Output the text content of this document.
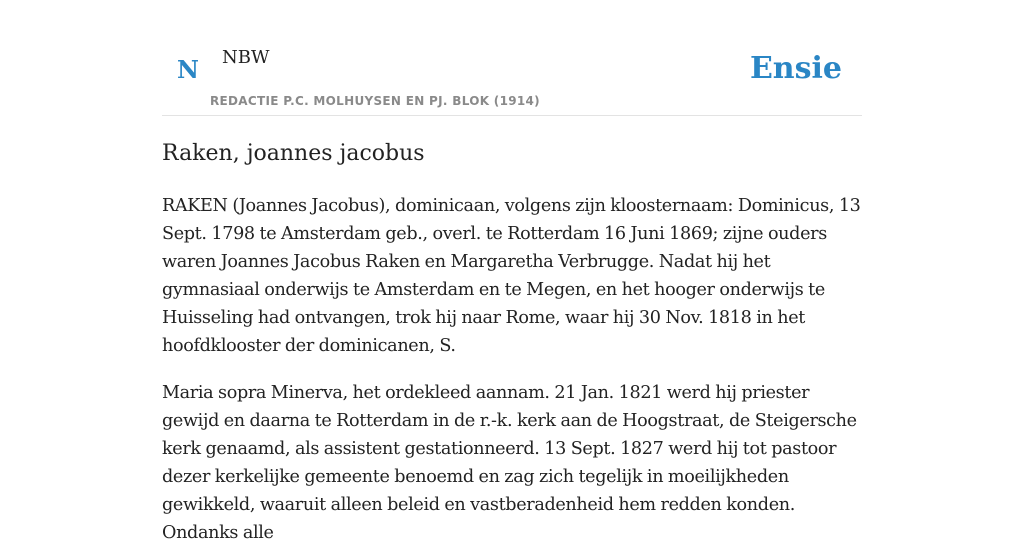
N NBW
REDACTIE P.C. MOLHUYSEN EN PJ. BLOK (1914)
Ensie
Raken, joannes jacobus

RAKEN (Joannes Jacobus), dominicaan, volgens zijn kloosternaam: Dominicus, 13 Sept. 1798 te Amsterdam geb., overl. te Rotterdam 16 Juni 1869; zijne ouders waren Joannes Jacobus Raken en Margaretha Verbrugge. Nadat hij het gymnasiaal onderwijs te Amsterdam en te Megen, en het hooger onderwijs te Huisseling had ontvangen, trok hij naar Rome, waar hij 30 Nov. 1818 in het hoofdklooster der dominicanen, S.

Maria sopra Minerva, het ordekleed aannam. 21 Jan. 1821 werd hij priester gewijd en daarna te Rotterdam in de r.-k. kerk aan de Hoogstraat, de Steigersche kerk genaamd, als assistent gestationneerd. 13 Sept. 1827 werd hij tot pastoor dezer kerkelijke gemeente benoemd en zag zich tegelijk in moeilijkheden gewikkeld, waaruit alleen beleid en vastberadenheid hem redden konden. Ondanks alle
